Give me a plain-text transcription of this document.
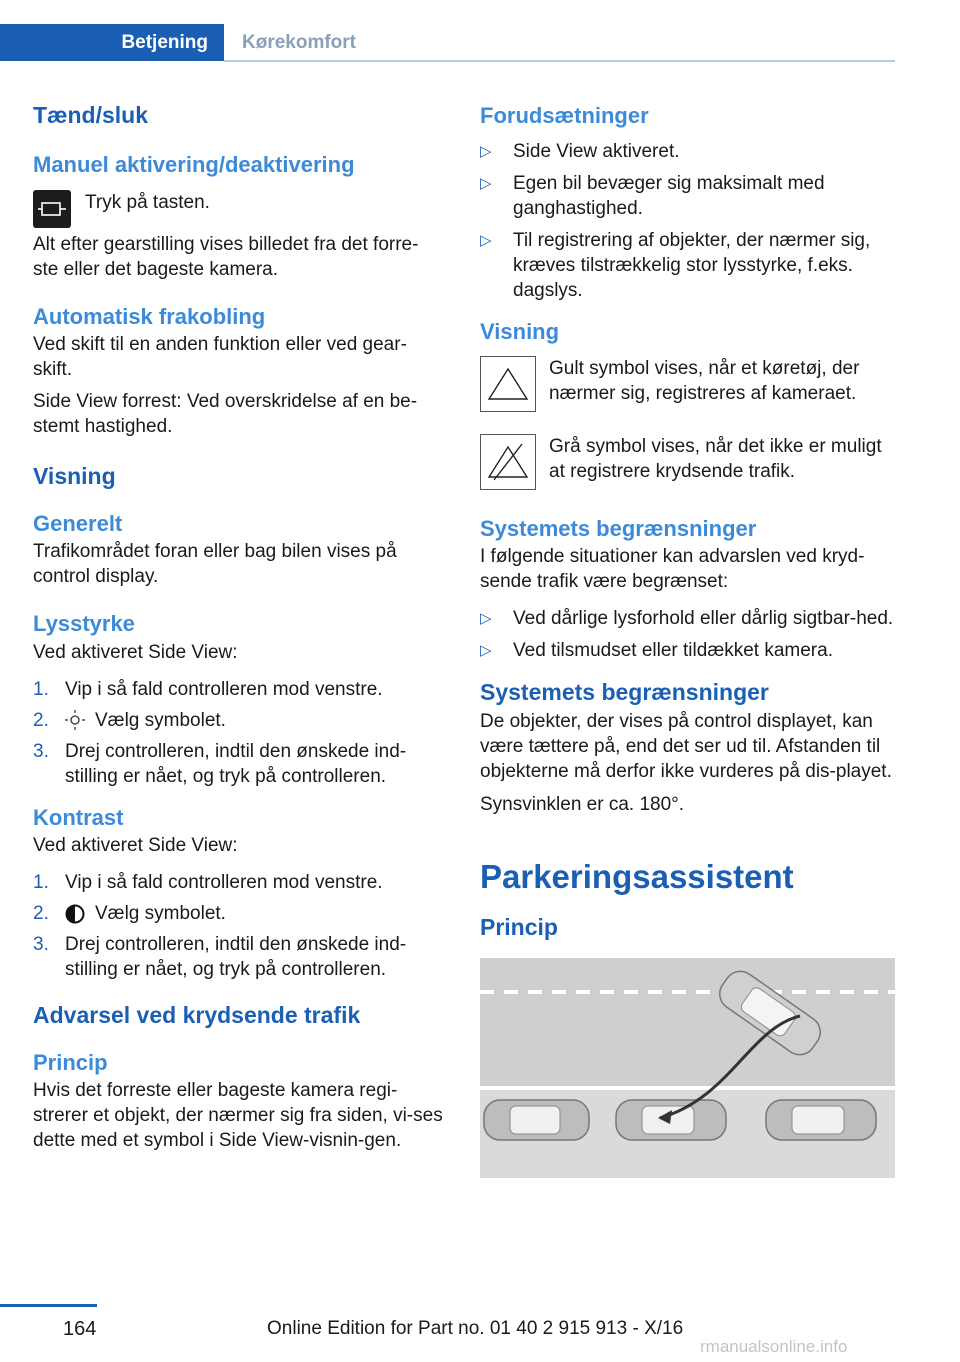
Betjening	Kørekomfort
Tænd/sluk
Manuel aktivering/deaktivering

Tryk på tasten.

Alt efter gearstilling vises billedet fra det forre-ste eller det bageste kamera.

Automatisk frakobling

Ved skift til en anden funktion eller ved gear-skift.

Side View forrest: Ved overskridelse af en be-stemt hastighed.

Visning
Generelt

Trafikområdet foran eller bag bilen vises på control display.

Lysstyrke

Ved aktiveret Side View:

1. Vip i så fald controlleren mod venstre.
2.	Vælg symbolet.
3. Drej controlleren, indtil den ønskede ind-stilling er nået, og tryk på controlleren.
Kontrast

Ved aktiveret Side View:

1. Vip i så fald controlleren mod venstre.
2.	Vælg symbolet.
3. Drej controlleren, indtil den ønskede ind-stilling er nået, og tryk på controlleren.
Advarsel ved krydsende trafik
Princip

Hvis det forreste eller bageste kamera regi-strerer et objekt, der nærmer sig fra siden, vi-ses dette med et symbol i Side View-visnin-gen.

Forudsætninger
▷	Side View aktiveret.
▷	Egen bil bevæger sig maksimalt med ganghastighed.
▷	Til registrering af objekter, der nærmer sig, kræves tilstrækkelig stor lysstyrke, f.eks. dagslys.
Visning

Gult symbol vises, når et køretøj, der nærmer sig, registreres af kameraet.

Grå symbol vises, når det ikke er muligt at registrere krydsende trafik.

Systemets begrænsninger

I følgende situationer kan advarslen ved kryd-sende trafik være begrænset:

▷	Ved dårlige lysforhold eller dårlig sigtbar-hed.
▷	Ved tilsmudset eller tildækket kamera.
Systemets begrænsninger

De objekter, der vises på control displayet, kan være tættere på, end det ser ud til. Afstanden til objekterne må derfor ikke vurderes på dis-playet.

Synsvinklen er ca. 180°.

Parkeringsassistent
Princip
164	Online Edition for Part no. 01 40 2 915 913 - X/16
rmanualsonline.info
